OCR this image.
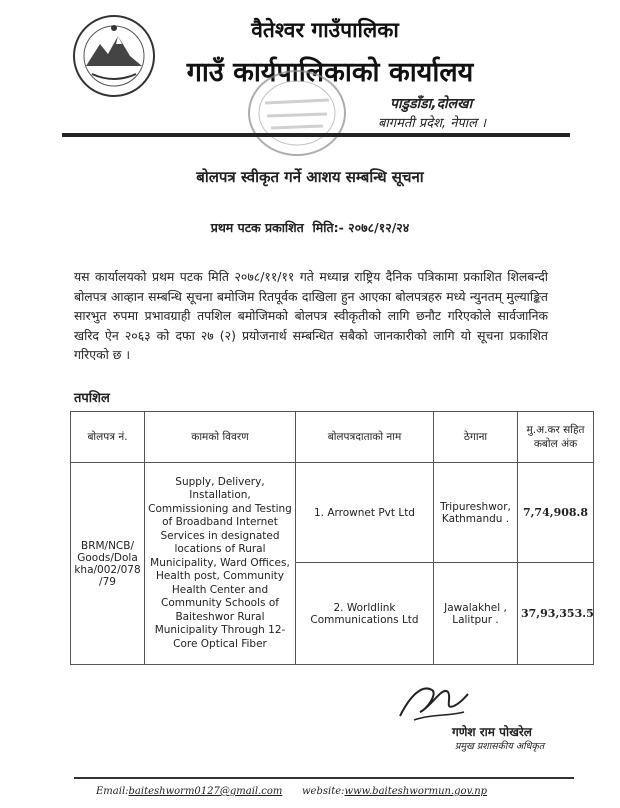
वैतेश्वर गाउँपालिका
गाउँ कार्यपालिकाको कार्यालय
पाडुडाँडा,दोलखा
बागमती प्रदेश, नेपाल ।
बोलपत्र स्वीकृत गर्ने आशय सम्बन्धि सूचना
प्रथम पटक प्रकाशित मिति:- २०७८/१२/२४
यस कार्यालयको प्रथम पटक मिति २०७८/११/११ गते मध्यान्न राष्ट्रिय दैनिक पत्रिकामा प्रकाशित शिलबन्दी बोलपत्र आव्हान सम्बन्धि सूचना बमोजिम रितपूर्वक दाखिला हुन आएका बोलपत्रहरु मध्ये न्युनतम् मुल्याङ्कित सारभुत रुपमा प्रभावग्राही तपशिल बमोजिमको बोलपत्र स्वीकृतीको लागि छनौट गरिएकोले सार्वजानिक खरिद ऐन २०६३ को दफा २७ (२) प्रयोजनार्थ सम्बन्धित सबैको जानकारीको लागि यो सूचना प्रकाशित गरिएको छ ।
तपशिल
बोलपत्र नं.	कामको विवरण	बोलपत्रदाताको नाम	ठेगाना	मु.अ.कर सहित कबोल अंक
BRM/NCB/ Goods/Dola kha/002/078 /79	Supply, Delivery, Installation, Commissioning and Testing of Broadband Internet Services in designated locations of Rural Municipality, Ward Offices, Health post, Community Health Center and Community Schools of Baiteshwor Rural Municipality Through 12-Core Optical Fiber	1. Arrownet Pvt Ltd	Tripureshwor, Kathmandu .	7,74,908.8
		2. Worldlink Communications Ltd	Jawalakhel , Lalitpur .	37,93,353.5
गणेश राम पोखरेल
प्रमुख प्रशासकीय अधिकृत
Email:baiteshworm0127@gmail.com website:www.baiteshwormun.gov.np
